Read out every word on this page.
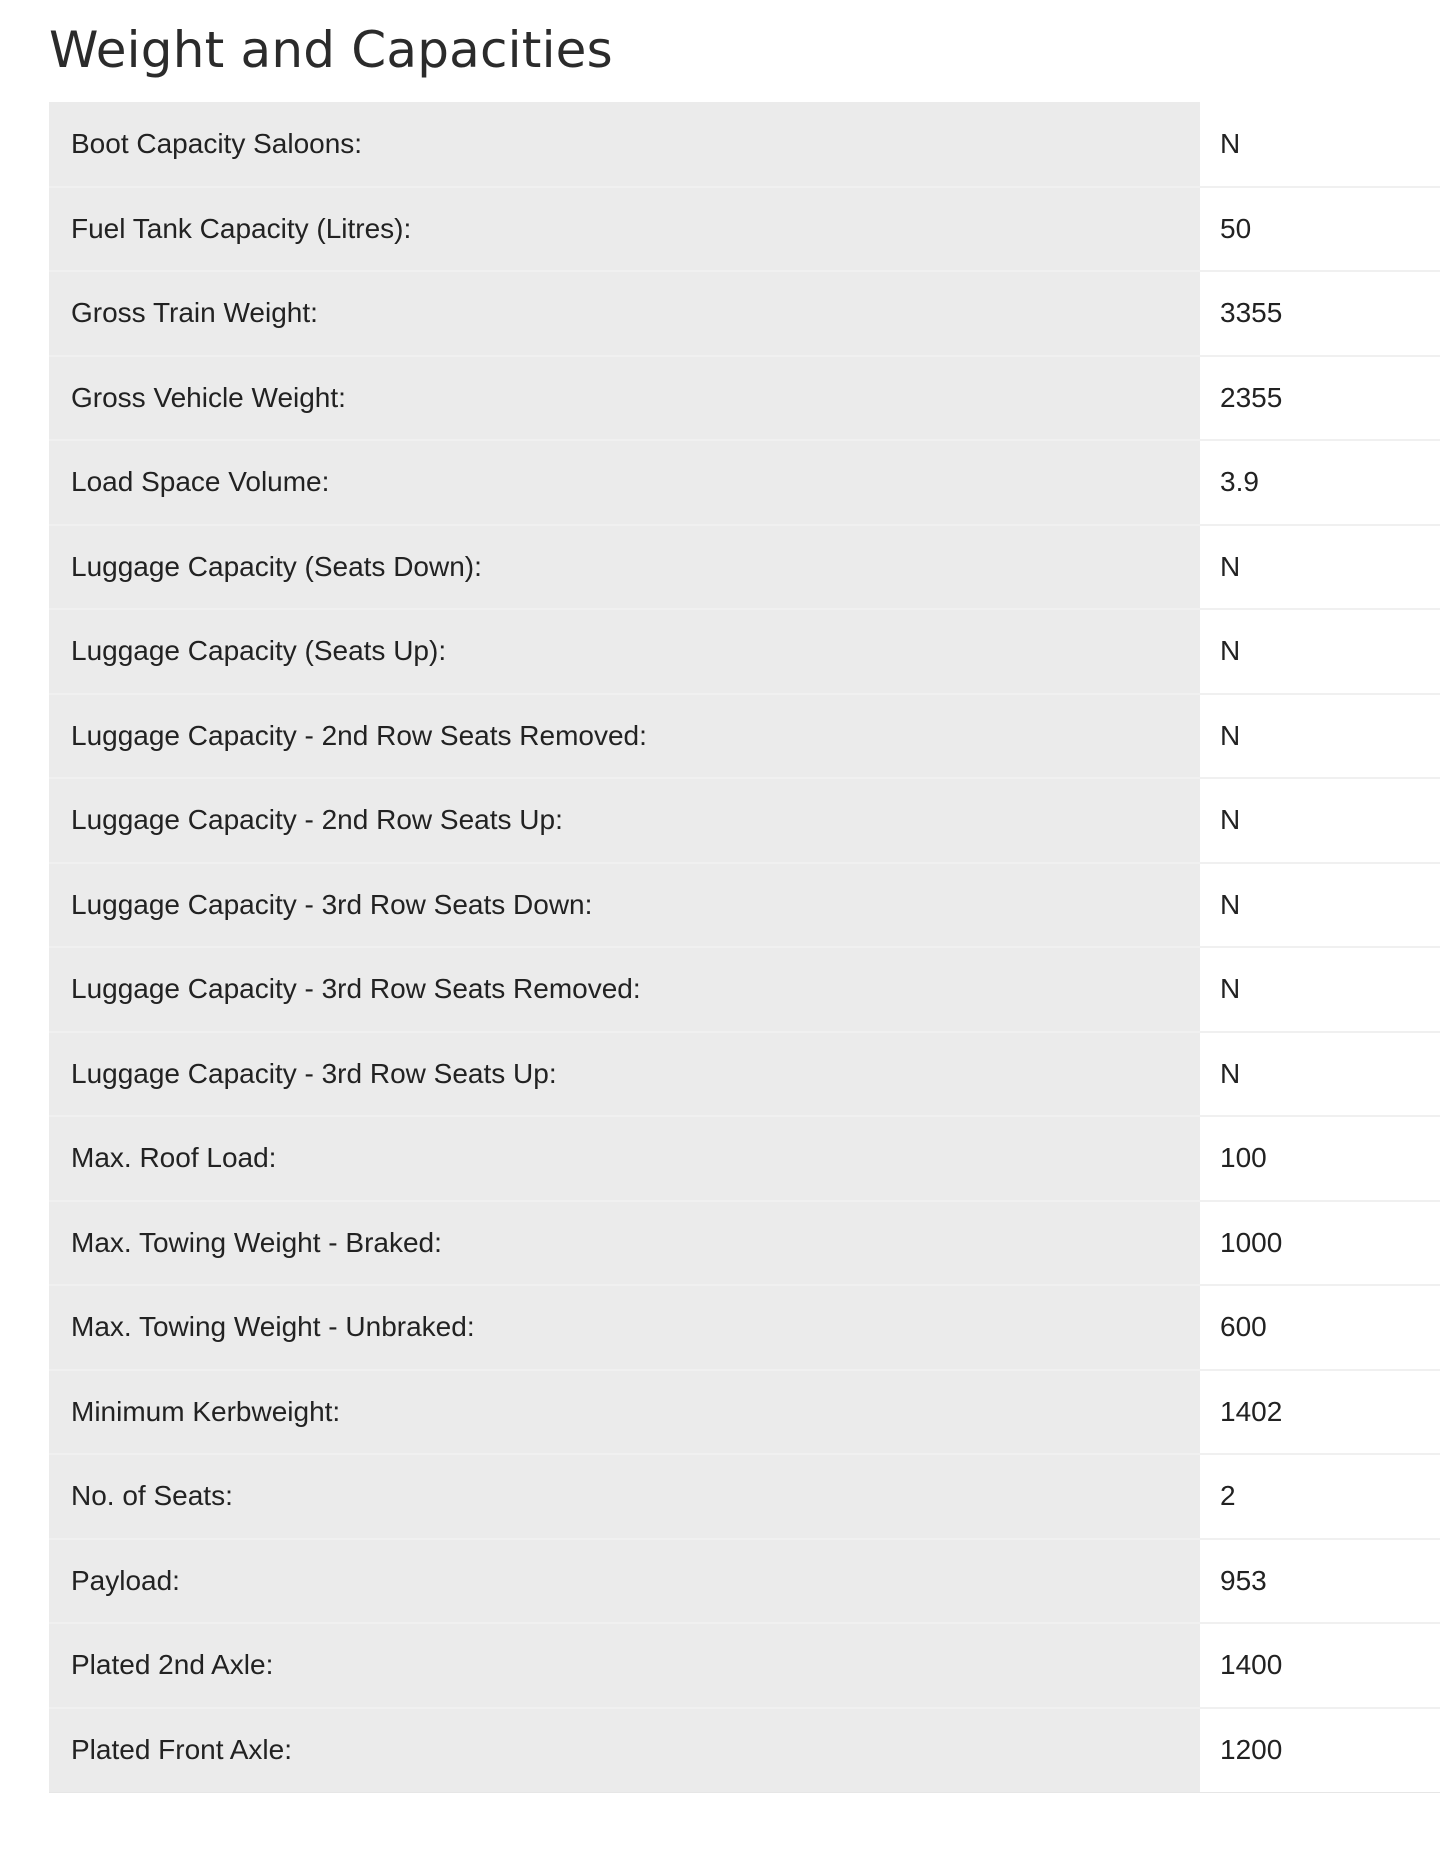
Weight and Capacities
Boot Capacity Saloons:	N
Fuel Tank Capacity (Litres):	50
Gross Train Weight:	3355
Gross Vehicle Weight:	2355
Load Space Volume:	3.9
Luggage Capacity (Seats Down):	N
Luggage Capacity (Seats Up):	N
Luggage Capacity - 2nd Row Seats Removed:	N
Luggage Capacity - 2nd Row Seats Up:	N
Luggage Capacity - 3rd Row Seats Down:	N
Luggage Capacity - 3rd Row Seats Removed:	N
Luggage Capacity - 3rd Row Seats Up:	N
Max. Roof Load:	100
Max. Towing Weight - Braked:	1000
Max. Towing Weight - Unbraked:	600
Minimum Kerbweight:	1402
No. of Seats:	2
Payload:	953
Plated 2nd Axle:	1400
Plated Front Axle:	1200
